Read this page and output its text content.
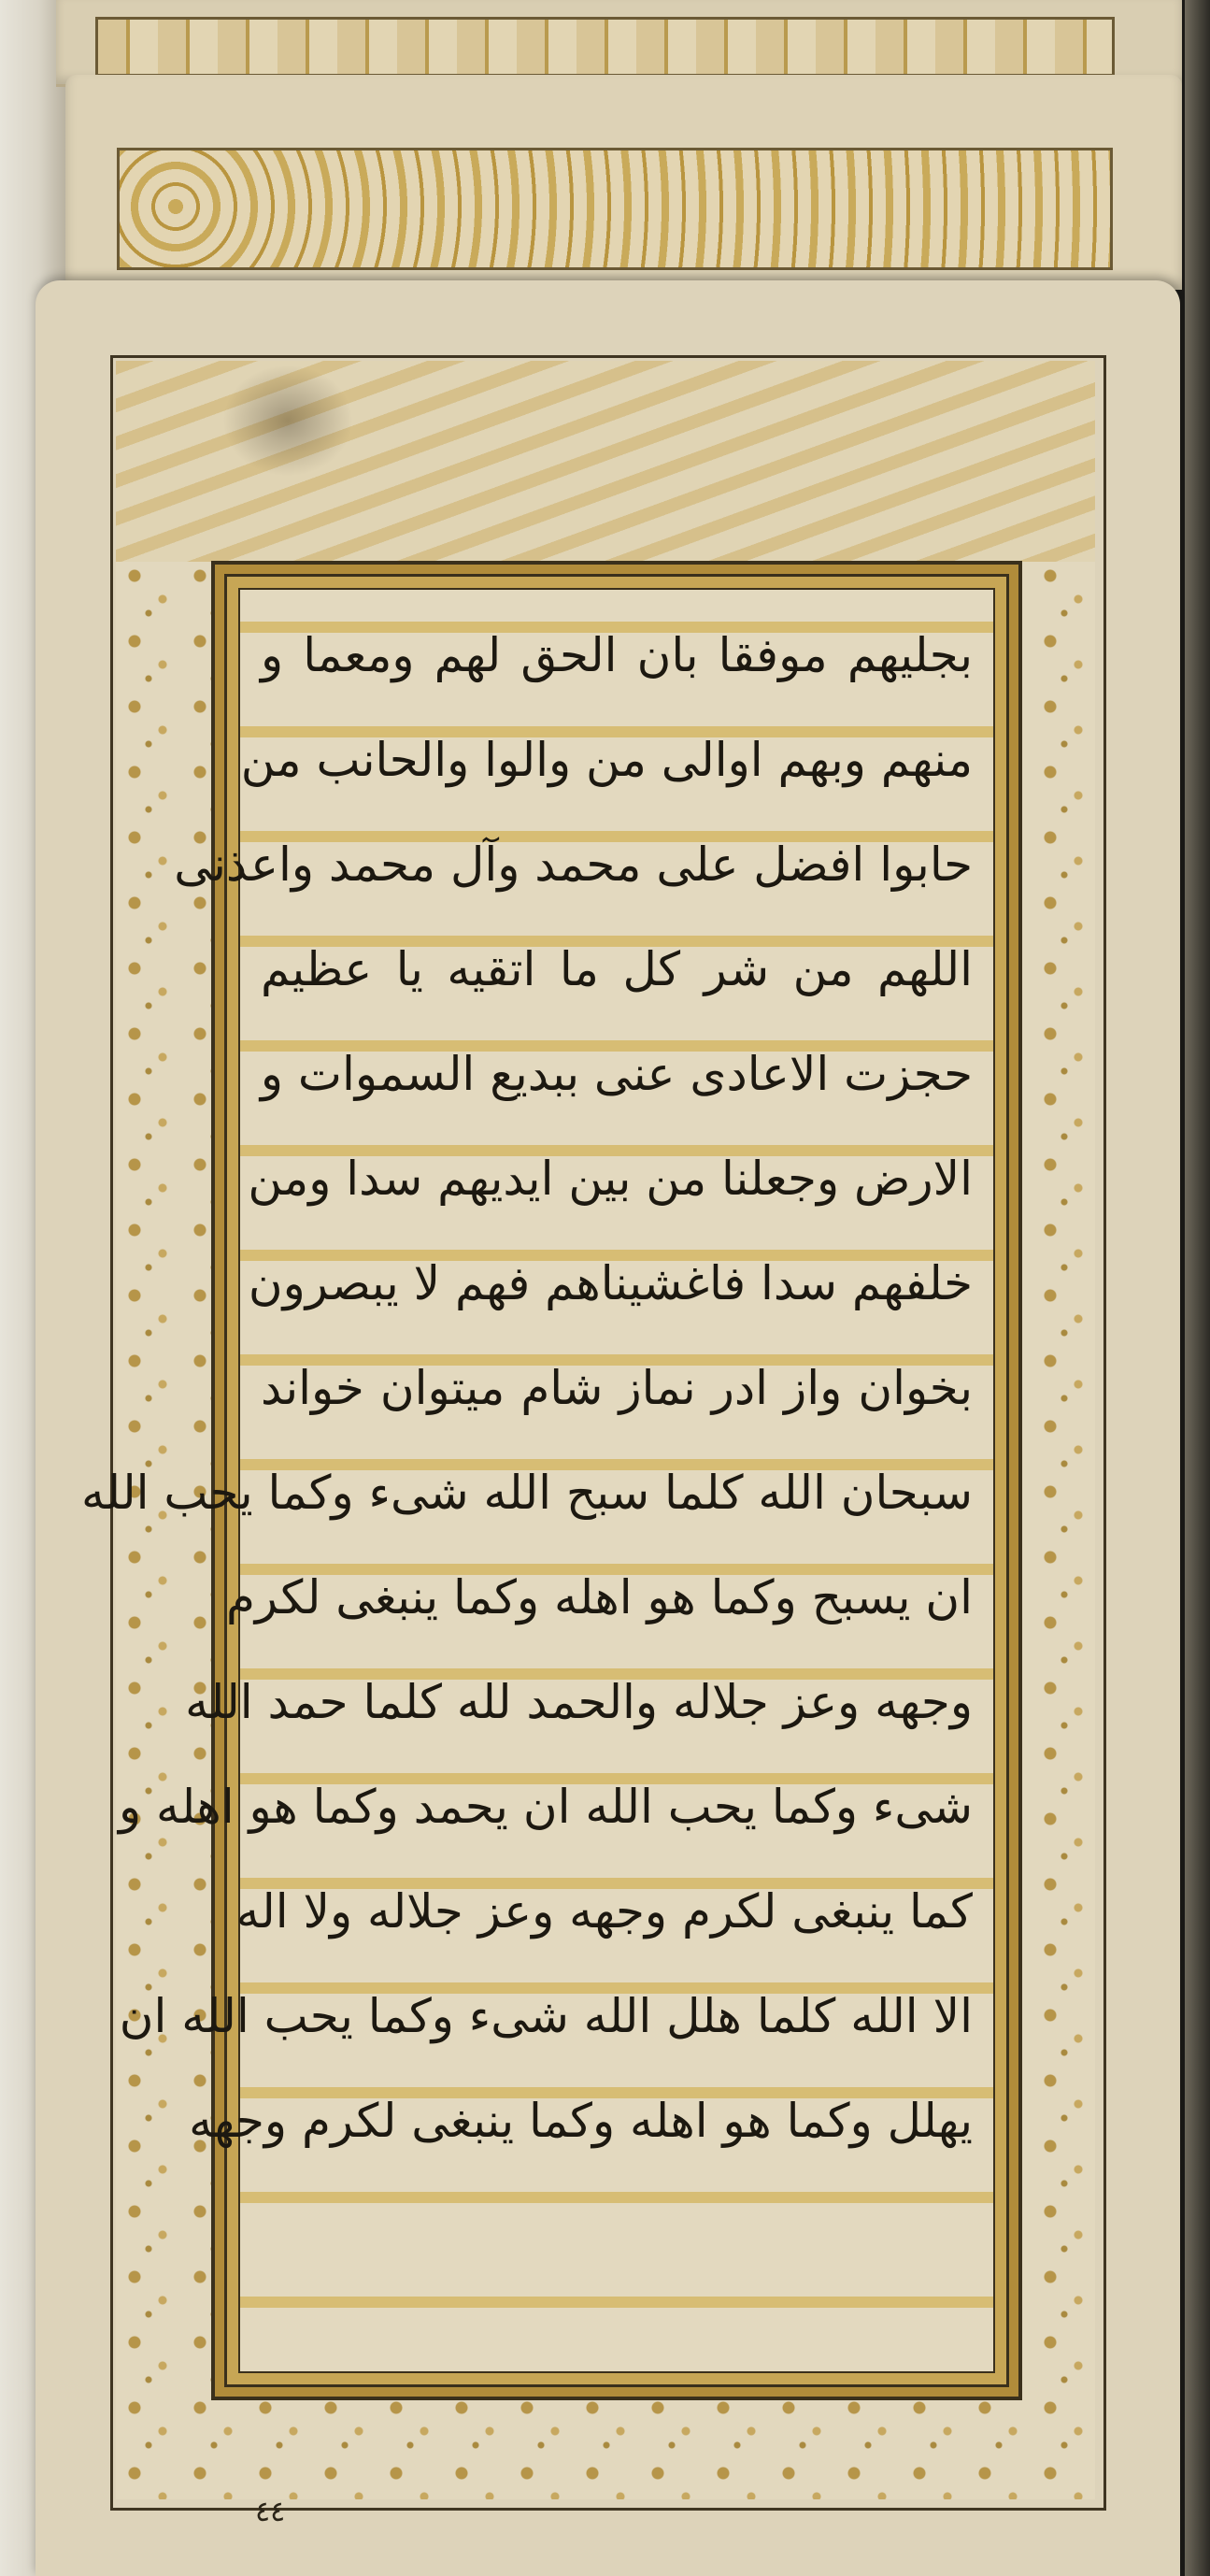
بجلیهم موفقا بان الحق لهم ومعما و
منهم وبهم اوالی من والوا والحانب من
حابوا افضل علی محمد وآل محمد واعذنی
اللهم من شر کل ما اتقیه یا عظیم
حجزت الاعادی عنی ببدیع السموات و
الارض وجعلنا من بین ایدیهم سدا ومن
خلفهم سدا فاغشیناهم فهم لا یبصرون
بخوان واز ادر نماز شام میتوان خواند
سبحان الله کلما سبح الله شیء وکما یحب الله
ان یسبح وکما هو اهله وکما ینبغی لکرم
وجهه وعز جلاله والحمد لله کلما حمد الله
شیء وکما یحب الله ان یحمد وکما هو اهله و
کما ینبغی لکرم وجهه وعز جلاله ولا اله
الا الله کلما هلل الله شیء وکما یحب الله ان
یهلل وکما هو اهله وکما ینبغی لکرم وجهه
٤٤
